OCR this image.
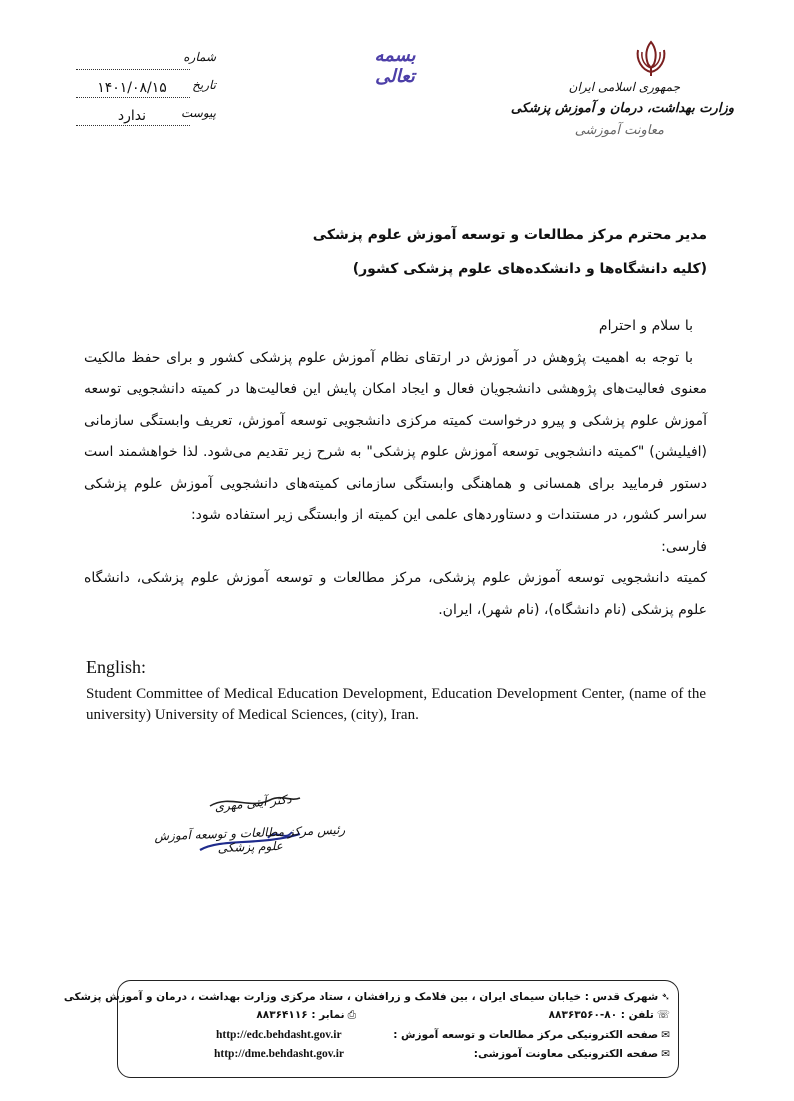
جمهوری اسلامی ایران
وزارت بهداشت، درمان و آموزش پزشکی
معاونت آموزشی
بسمه تعالی
شماره
تاریخ
۱۴۰۱/۰۸/۱۵
پیوست
ندارد
مدیر محترم مرکز مطالعات و توسعه آموزش علوم پزشکی
(کلیه دانشگاه‌ها و دانشکده‌های علوم پزشکی کشور)

با سلام و احترام

با توجه به اهمیت پژوهش در آموزش در ارتقای نظام آموزش علوم پزشکی کشور و برای حفظ مالکیت معنوی فعالیت‌های پژوهشی دانشجویان فعال و ایجاد امکان پایش این فعالیت‌ها در کمیته دانشجویی توسعه آموزش علوم پزشکی و پیرو درخواست کمیته مرکزی دانشجویی توسعه آموزش، تعریف وابستگی سازمانی (افیلیشن) "کمیته دانشجویی توسعه آموزش علوم پزشکی" به شرح زیر تقدیم می‌شود. لذا خواهشمند است دستور فرمایید برای همسانی و هماهنگی وابستگی سازمانی کمیته‌های دانشجویی آموزش علوم پزشکی سراسر کشور، در مستندات و دستاوردهای علمی این کمیته از وابستگی زیر استفاده شود:

فارسی:

کمیته دانشجویی توسعه آموزش علوم پزشکی، مرکز مطالعات و توسعه آموزش علوم پزشکی، دانشگاه علوم پزشکی (نام دانشگاه)، (نام شهر)، ایران.

English:
Student Committee of Medical Education Development, Education Development Center, (name of the university) University of Medical Sciences, (city), Iran.
دکتر آیتی مهری
رئیس مرکز مطالعات و توسعه آموزش علوم پزشکی
➴شهرک قدس : خیابان سیمای ایران ، بین فلامک و زرافشان ، ستاد مرکزی وزارت بهداشت ، درمان و آموزش پزشکی
☏تلفن : ۸۰-۸۸۳۶۳۵۶۰
⎙نمابر : ۸۸۳۶۴۱۱۶
✉صفحه الکترونیکی مرکز مطالعات و توسعه آموزش :
http://edc.behdasht.gov.ir
✉صفحه الکترونیکی معاونت آموزشی:
http://dme.behdasht.gov.ir
